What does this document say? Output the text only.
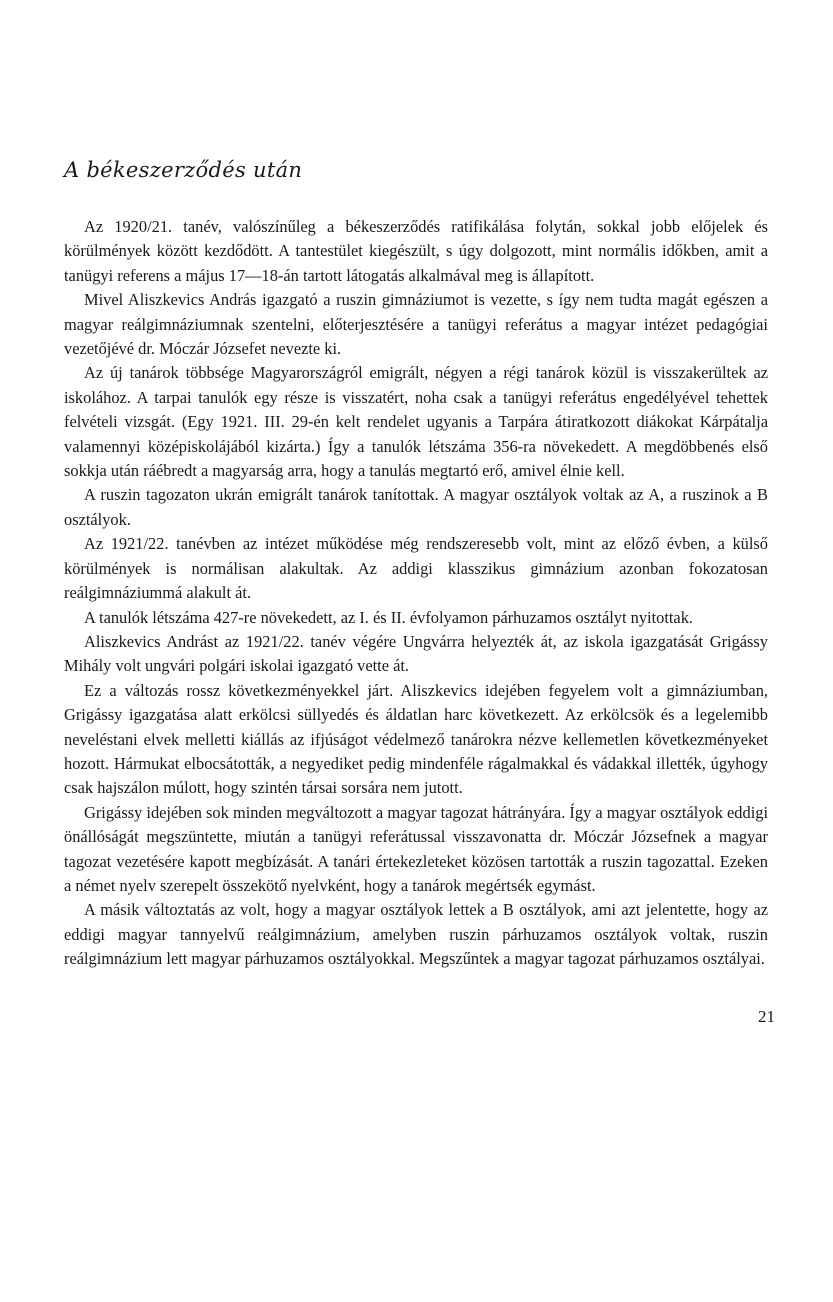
A békeszerződés után

Az 1920/21. tanév, valószínűleg a békeszerződés ratifikálása folytán, sokkal jobb előjelek és körülmények között kezdődött. A tantestület kiegészült, s úgy dolgozott, mint normális időkben, amit a tanügyi referens a május 17—18-án tartott látogatás alkalmával meg is állapított.

Mivel Aliszkevics András igazgató a ruszin gimnáziumot is vezette, s így nem tudta magát egészen a magyar reálgimnáziumnak szentelni, előterjesztésére a tanügyi referátus a magyar intézet pedagógiai vezetőjévé dr. Móczár Józsefet nevezte ki.

Az új tanárok többsége Magyarországról emigrált, négyen a régi tanárok közül is visszakerültek az iskolához. A tarpai tanulók egy része is visszatért, noha csak a tanügyi referátus engedélyével tehettek felvételi vizsgát. (Egy 1921. III. 29-én kelt rendelet ugyanis a Tarpára átiratkozott diákokat Kárpátalja valamennyi középiskolájából kizárta.) Így a tanulók létszáma 356-ra növekedett. A megdöbbenés első sokkja után ráébredt a magyarság arra, hogy a tanulás megtartó erő, amivel élnie kell.

A ruszin tagozaton ukrán emigrált tanárok tanítottak. A magyar osztályok voltak az A, a ruszinok a B osztályok.

Az 1921/22. tanévben az intézet működése még rendszeresebb volt, mint az előző évben, a külső körülmények is normálisan alakultak. Az addigi klasszikus gimnázium azonban fokozatosan reálgimnáziummá alakult át.

A tanulók létszáma 427-re növekedett, az I. és II. évfolyamon párhuzamos osztályt nyitottak.

Aliszkevics Andrást az 1921/22. tanév végére Ungvárra helyezték át, az iskola igazgatását Grigássy Mihály volt ungvári polgári iskolai igazgató vette át.

Ez a változás rossz következményekkel járt. Aliszkevics idejében fegyelem volt a gimnáziumban, Grigássy igazgatása alatt erkölcsi süllyedés és áldatlan harc következett. Az erkölcsök és a legelemibb neveléstani elvek melletti kiállás az ifjúságot védelmező tanárokra nézve kellemetlen következményeket hozott. Hármukat elbocsátották, a negyediket pedig mindenféle rágalmakkal és vádakkal illették, úgyhogy csak hajszálon múlott, hogy szintén társai sorsára nem jutott.

Grigássy idejében sok minden megváltozott a magyar tagozat hátrányára. Így a magyar osztályok eddigi önállóságát megszüntette, miután a tanügyi referátussal visszavonatta dr. Móczár Józsefnek a magyar tagozat vezetésére kapott megbízását. A tanári értekezleteket közösen tartották a ruszin tagozattal. Ezeken a német nyelv szerepelt összekötő nyelvként, hogy a tanárok megértsék egymást.

A másik változtatás az volt, hogy a magyar osztályok lettek a B osztályok, ami azt jelentette, hogy az eddigi magyar tannyelvű reálgimnázium, amelyben ruszin párhuzamos osztályok voltak, ruszin reálgimnázium lett magyar párhuzamos osztályokkal. Megszűntek a magyar tagozat párhuzamos osztályai.

21
